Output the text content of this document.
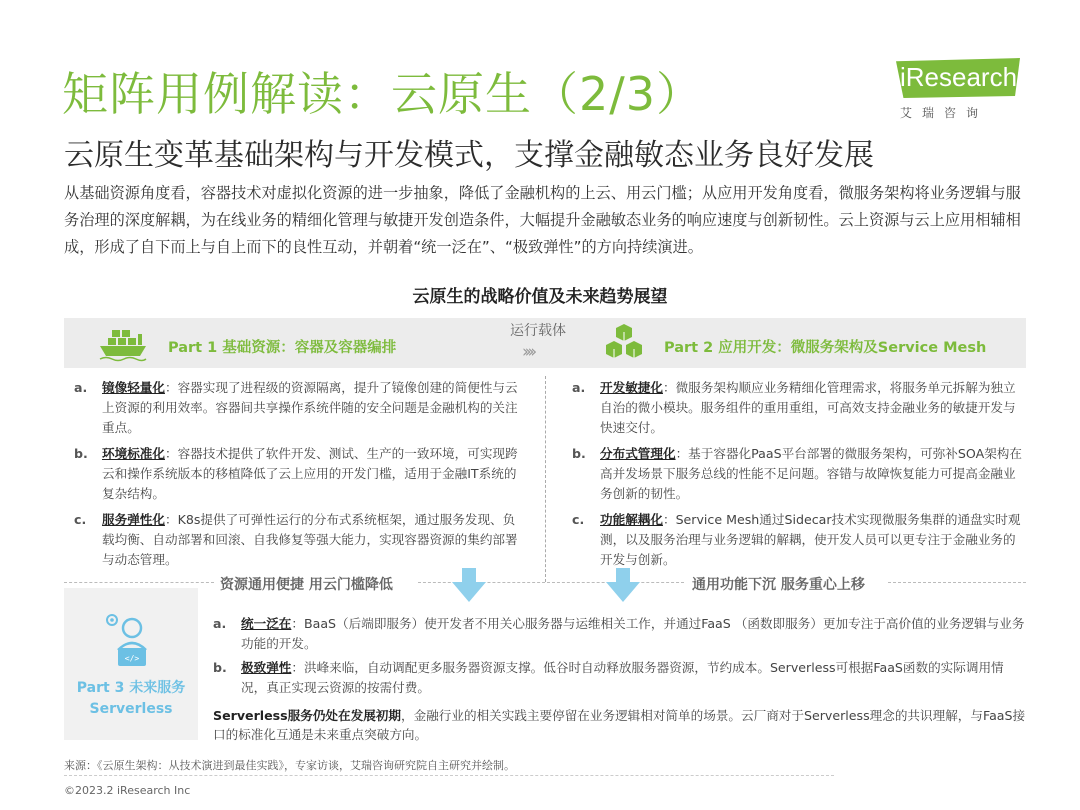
矩阵用例解读：云原生（2/3）	iResearch
艾瑞咨询
云原生变革基础架构与开发模式，支撑金融敏态业务良好发展
从基础资源角度看，容器技术对虚拟化资源的进一步抽象，降低了金融机构的上云、用云门槛；从应用开发角度看，微服务架构将业务逻辑与服务治理的深度解耦，为在线业务的精细化管理与敏捷开发创造条件，大幅提升金融敏态业务的响应速度与创新韧性。云上资源与云上应用相辅相成，形成了自下而上与自上而下的良性互动，并朝着“统一泛在”、“极致弹性”的方向持续演进。
云原生的战略价值及未来趋势展望
Part 1 基础资源：容器及容器编排
运行载体
››››	Part 2 应用开发：微服务架构及Service Mesh
a. 镜像轻量化：容器实现了进程级的资源隔离，提升了镜像创建的简便性与云上资源的利用效率。容器间共享操作系统伴随的安全问题是金融机构的关注重点。
b. 环境标准化：容器技术提供了软件开发、测试、生产的一致环境，可实现跨云和操作系统版本的移植降低了云上应用的开发门槛，适用于金融IT系统的复杂结构。
c. 服务弹性化：K8s提供了可弹性运行的分布式系统框架，通过服务发现、负载均衡、自动部署和回滚、自我修复等强大能力，实现容器资源的集约部署与动态管理。
a. 开发敏捷化：微服务架构顺应业务精细化管理需求，将服务单元拆解为独立自治的微小模块。服务组件的重用重组，可高效支持金融业务的敏捷开发与快速交付。
b. 分布式管理化：基于容器化PaaS平台部署的微服务架构，可弥补SOA架构在高并发场景下服务总线的性能不足问题。容错与故障恢复能力可提高金融业务创新的韧性。
c. 功能解耦化：Service Mesh通过Sidecar技术实现微服务集群的通盘实时观测，以及服务治理与业务逻辑的解耦，使开发人员可以更专注于金融业务的开发与创新。
资源通用便捷 用云门槛降低	通用功能下沉 服务重心上移
</>
Part 3 未来服务
Serverless
a. 统一泛在：BaaS（后端即服务）使开发者不用关心服务器与运维相关工作，并通过FaaS （函数即服务）更加专注于高价值的业务逻辑与业务功能的开发。
b. 极致弹性：洪峰来临，自动调配更多服务器资源支撑。低谷时自动释放服务器资源，节约成本。Serverless可根据FaaS函数的实际调用情况，真正实现云资源的按需付费。
Serverless服务仍处在发展初期，金融行业的相关实践主要停留在业务逻辑相对简单的场景。云厂商对于Serverless理念的共识理解，与FaaS接口的标准化互通是未来重点突破方向。
来源：《云原生架构：从技术演进到最佳实践》，专家访谈，艾瑞咨询研究院自主研究并绘制。
©2023.2 iResearch Inc
